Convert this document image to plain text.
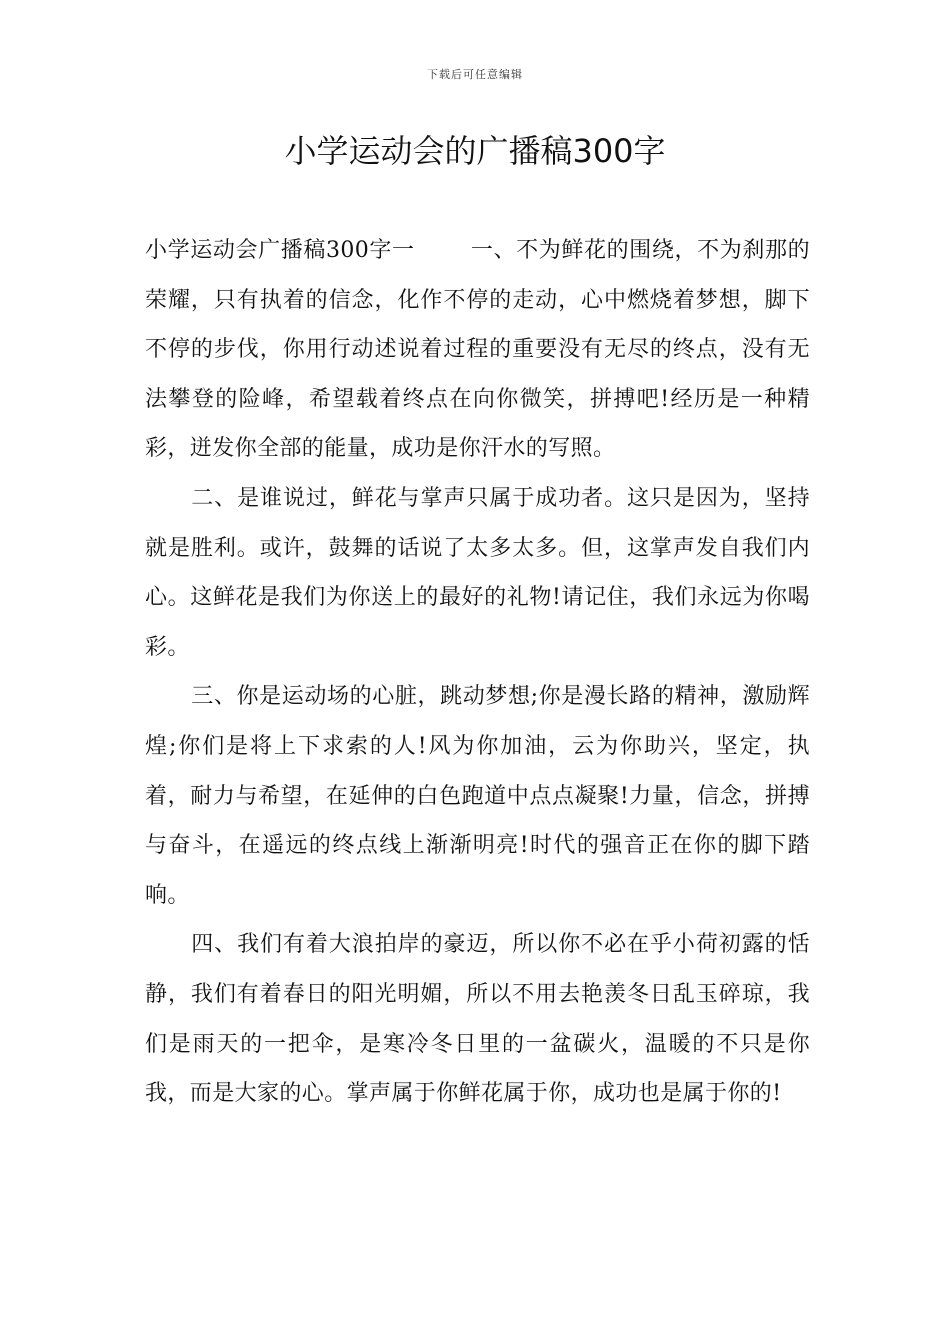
下载后可任意编辑
小学运动会的广播稿300字

小学运动会广播稿300字一	一、不为鲜花的围绕，不为刹那的荣耀，只有执着的信念，化作不停的走动，心中燃烧着梦想，脚下不停的步伐，你用行动述说着过程的重要没有无尽的终点，没有无法攀登的险峰，希望载着终点在向你微笑，拼搏吧!经历是一种精彩，迸发你全部的能量，成功是你汗水的写照。

二、是谁说过，鲜花与掌声只属于成功者。这只是因为，坚持就是胜利。或许，鼓舞的话说了太多太多。但，这掌声发自我们内心。这鲜花是我们为你送上的最好的礼物!请记住，我们永远为你喝彩。

三、你是运动场的心脏，跳动梦想;你是漫长路的精神，激励辉煌;你们是将上下求索的人!风为你加油，云为你助兴，坚定，执着，耐力与希望，在延伸的白色跑道中点点凝聚!力量，信念，拼搏与奋斗，在遥远的终点线上渐渐明亮!时代的强音正在你的脚下踏响。

四、我们有着大浪拍岸的豪迈，所以你不必在乎小荷初露的恬静，我们有着春日的阳光明媚，所以不用去艳羡冬日乱玉碎琼，我们是雨天的一把伞，是寒冷冬日里的一盆碳火，温暖的不只是你我，而是大家的心。掌声属于你鲜花属于你，成功也是属于你的!
